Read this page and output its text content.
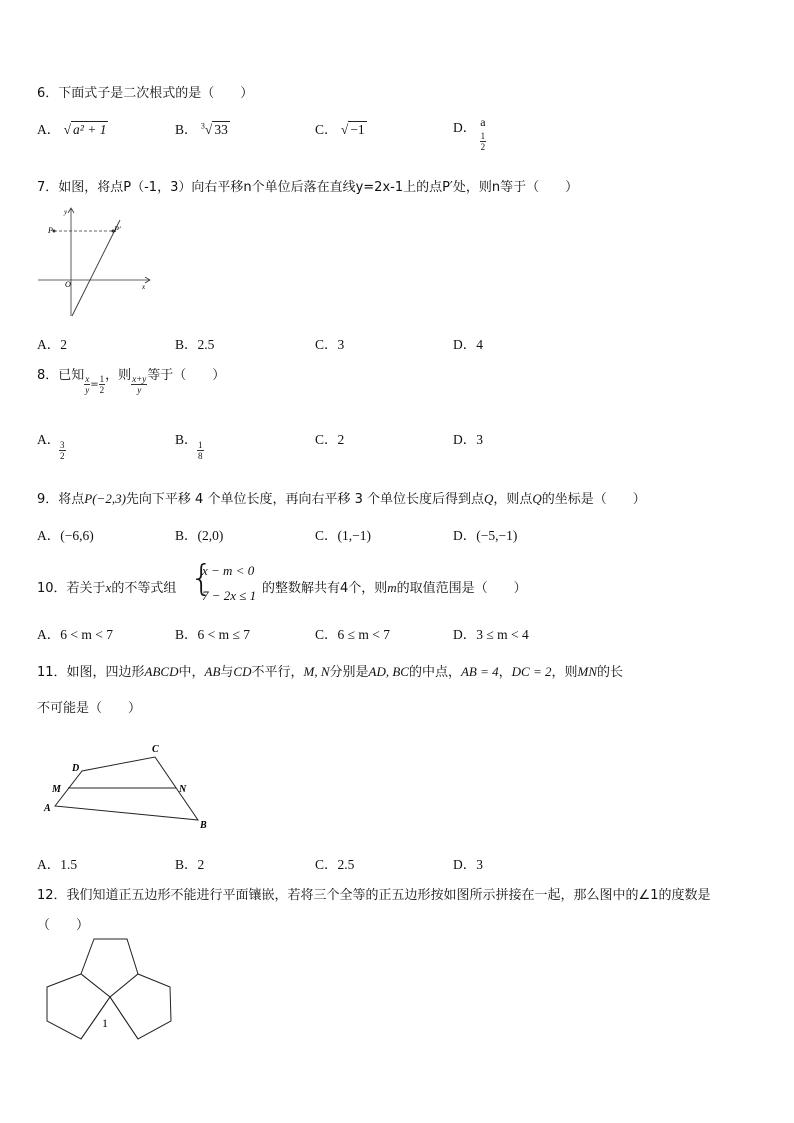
6．下面式子是二次根式的是（　　）
A． √ a² + 1	B． $^3$√ 33	C． √ −1	D． a
$\frac{1}{2}$
7．如图，将点P（-1，3）向右平移n个单位后落在直线y=2x-1上的点P′处，则n等于（　　）
P	P′
O
y
x
A．2	B．2.5	C．3	D．4
8．已知 $\frac{x}{y} = \frac{1}{2}$ ，则 $\frac{x+y}{y}$ 等于（　　）
A．
$\frac{3}{2}$
B．
$\frac{1}{8}$
C．2	D．3
9．将点P(−2,3)先向下平移 4 个单位长度，再向右平移 3 个单位长度后得到点Q，则点Q的坐标是（　　）
A．(−6,6)	B．(2,0)	C．(1,−1)	D．(−5,−1)
10．若关于x的不等式组 {
x − m < 0
7 − 2x ≤ 1 的整数解共有4个，则m的取值范围是（　　）
A．6 < m < 7	B．6 < m ≤ 7	C．6 ≤ m < 7	D．3 ≤ m < 4
11．如图，四边形ABCD中，AB与CD不平行，M, N分别是AD, BC的中点，AB = 4，DC = 2，则MN的长
不可能是（　　）
A
B
C
D
M	N
A．1.5	B．2	C．2.5	D．3
12．我们知道正五边形不能进行平面镶嵌，若将三个全等的正五边形按如图所示拼接在一起，那么图中的∠1的度数是
（　　）
1
